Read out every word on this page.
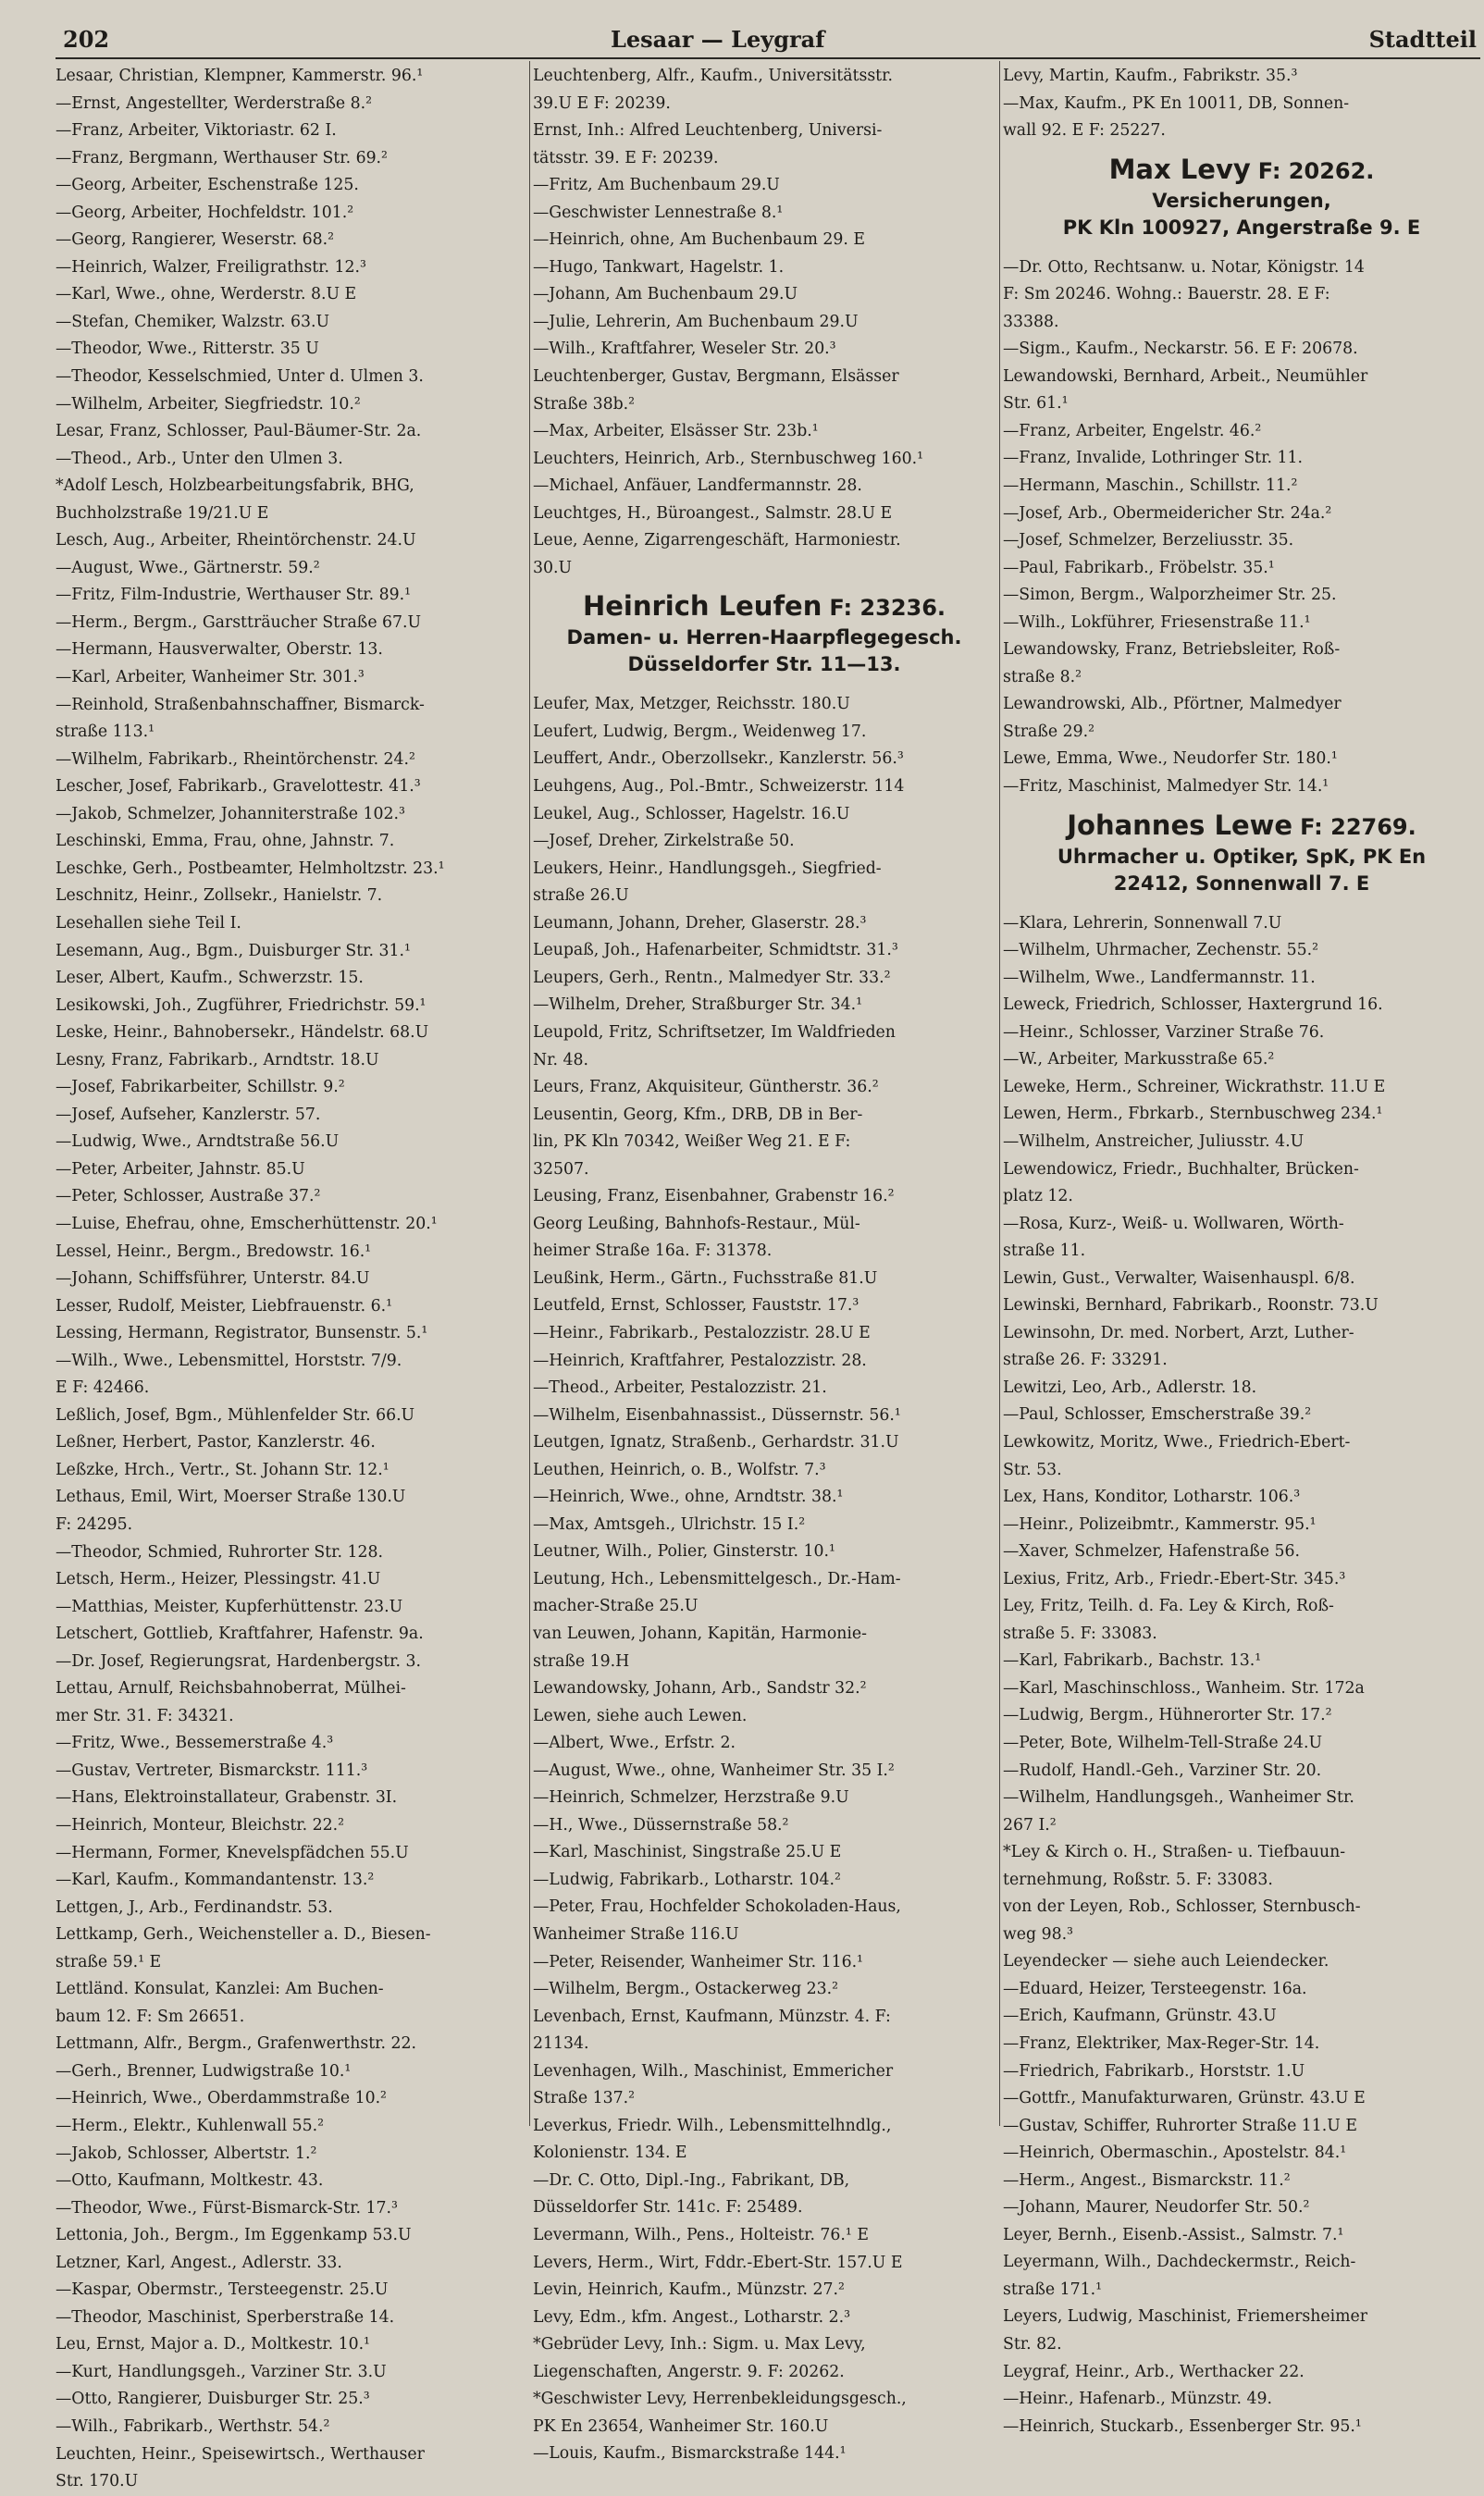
202	Lesaar — Leygraf	Stadtteil
Lesaar, Christian, Klempner, Kammerstr. 96.¹
—Ernst, Angestellter, Werderstraße 8.²
—Franz, Arbeiter, Viktoriastr. 62 I.
—Franz, Bergmann, Werthauser Str. 69.²
—Georg, Arbeiter, Eschenstraße 125.
—Georg, Arbeiter, Hochfeldstr. 101.²
—Georg, Rangierer, Weserstr. 68.²
—Heinrich, Walzer, Freiligrathstr. 12.³
—Karl, Wwe., ohne, Werderstr. 8.U E
—Stefan, Chemiker, Walzstr. 63.U
—Theodor, Wwe., Ritterstr. 35 U
—Theodor, Kesselschmied, Unter d. Ulmen 3.
—Wilhelm, Arbeiter, Siegfriedstr. 10.²
Lesar, Franz, Schlosser, Paul-Bäumer-Str. 2a.
—Theod., Arb., Unter den Ulmen 3.
*Adolf Lesch, Holzbearbeitungsfabrik, BHG,
Buchholzstraße 19/21.U E
Lesch, Aug., Arbeiter, Rheintörchenstr. 24.U
—August, Wwe., Gärtnerstr. 59.²
—Fritz, Film-Industrie, Werthauser Str. 89.¹
—Herm., Bergm., Garstträucher Straße 67.U
—Hermann, Hausverwalter, Oberstr. 13.
—Karl, Arbeiter, Wanheimer Str. 301.³
—Reinhold, Straßenbahnschaffner, Bismarck-
straße 113.¹
—Wilhelm, Fabrikarb., Rheintörchenstr. 24.²
Lescher, Josef, Fabrikarb., Gravelottestr. 41.³
—Jakob, Schmelzer, Johanniterstraße 102.³
Leschinski, Emma, Frau, ohne, Jahnstr. 7.
Leschke, Gerh., Postbeamter, Helmholtzstr. 23.¹
Leschnitz, Heinr., Zollsekr., Hanielstr. 7.
Lesehallen siehe Teil I.
Lesemann, Aug., Bgm., Duisburger Str. 31.¹
Leser, Albert, Kaufm., Schwerzstr. 15.
Lesikowski, Joh., Zugführer, Friedrichstr. 59.¹
Leske, Heinr., Bahnobersekr., Händelstr. 68.U
Lesny, Franz, Fabrikarb., Arndtstr. 18.U
—Josef, Fabrikarbeiter, Schillstr. 9.²
—Josef, Aufseher, Kanzlerstr. 57.
—Ludwig, Wwe., Arndtstraße 56.U
—Peter, Arbeiter, Jahnstr. 85.U
—Peter, Schlosser, Austraße 37.²
—Luise, Ehefrau, ohne, Emscherhüttenstr. 20.¹
Lessel, Heinr., Bergm., Bredowstr. 16.¹
—Johann, Schiffsführer, Unterstr. 84.U
Lesser, Rudolf, Meister, Liebfrauenstr. 6.¹
Lessing, Hermann, Registrator, Bunsenstr. 5.¹
—Wilh., Wwe., Lebensmittel, Horststr. 7/9.
E F: 42466.
Leßlich, Josef, Bgm., Mühlenfelder Str. 66.U
Leßner, Herbert, Pastor, Kanzlerstr. 46.
Leßzke, Hrch., Vertr., St. Johann Str. 12.¹
Lethaus, Emil, Wirt, Moerser Straße 130.U
F: 24295.
—Theodor, Schmied, Ruhrorter Str. 128.
Letsch, Herm., Heizer, Plessingstr. 41.U
—Matthias, Meister, Kupferhüttenstr. 23.U
Letschert, Gottlieb, Kraftfahrer, Hafenstr. 9a.
—Dr. Josef, Regierungsrat, Hardenbergstr. 3.
Lettau, Arnulf, Reichsbahnoberrat, Mülhei-
mer Str. 31. F: 34321.
—Fritz, Wwe., Bessemerstraße 4.³
—Gustav, Vertreter, Bismarckstr. 111.³
—Hans, Elektroinstallateur, Grabenstr. 3I.
—Heinrich, Monteur, Bleichstr. 22.²
—Hermann, Former, Knevelspfädchen 55.U
—Karl, Kaufm., Kommandantenstr. 13.²
Lettgen, J., Arb., Ferdinandstr. 53.
Lettkamp, Gerh., Weichensteller a. D., Biesen-
straße 59.¹ E
Lettländ. Konsulat, Kanzlei: Am Buchen-
baum 12. F: Sm 26651.
Lettmann, Alfr., Bergm., Grafenwerthstr. 22.
—Gerh., Brenner, Ludwigstraße 10.¹
—Heinrich, Wwe., Oberdammstraße 10.²
—Herm., Elektr., Kuhlenwall 55.²
—Jakob, Schlosser, Albertstr. 1.²
—Otto, Kaufmann, Moltkestr. 43.
—Theodor, Wwe., Fürst-Bismarck-Str. 17.³
Lettonia, Joh., Bergm., Im Eggenkamp 53.U
Letzner, Karl, Angest., Adlerstr. 33.
—Kaspar, Obermstr., Tersteegenstr. 25.U
—Theodor, Maschinist, Sperberstraße 14.
Leu, Ernst, Major a. D., Moltkestr. 10.¹
—Kurt, Handlungsgeh., Varziner Str. 3.U
—Otto, Rangierer, Duisburger Str. 25.³
—Wilh., Fabrikarb., Werthstr. 54.²
Leuchten, Heinr., Speisewirtsch., Werthauser
Str. 170.U
Leuchtenberg, Alfr., Kaufm., Universitätsstr.
39.U E F: 20239.
Ernst, Inh.: Alfred Leuchtenberg, Universi-
tätsstr. 39. E F: 20239.
—Fritz, Am Buchenbaum 29.U
—Geschwister Lennestraße 8.¹
—Heinrich, ohne, Am Buchenbaum 29. E
—Hugo, Tankwart, Hagelstr. 1.
—Johann, Am Buchenbaum 29.U
—Julie, Lehrerin, Am Buchenbaum 29.U
—Wilh., Kraftfahrer, Weseler Str. 20.³
Leuchtenberger, Gustav, Bergmann, Elsässer
Straße 38b.²
—Max, Arbeiter, Elsässer Str. 23b.¹
Leuchters, Heinrich, Arb., Sternbuschweg 160.¹
—Michael, Anfäuer, Landfermannstr. 28.
Leuchtges, H., Büroangest., Salmstr. 28.U E
Leue, Aenne, Zigarrengeschäft, Harmoniestr.
30.U
Heinrich Leufen F: 23236.
Damen- u. Herren-Haarpflegegesch.
Düsseldorfer Str. 11—13.
Leufer, Max, Metzger, Reichsstr. 180.U
Leufert, Ludwig, Bergm., Weidenweg 17.
Leuffert, Andr., Oberzollsekr., Kanzlerstr. 56.³
Leuhgens, Aug., Pol.-Bmtr., Schweizerstr. 114
Leukel, Aug., Schlosser, Hagelstr. 16.U
—Josef, Dreher, Zirkelstraße 50.
Leukers, Heinr., Handlungsgeh., Siegfried-
straße 26.U
Leumann, Johann, Dreher, Glaserstr. 28.³
Leupaß, Joh., Hafenarbeiter, Schmidtstr. 31.³
Leupers, Gerh., Rentn., Malmedyer Str. 33.²
—Wilhelm, Dreher, Straßburger Str. 34.¹
Leupold, Fritz, Schriftsetzer, Im Waldfrieden
Nr. 48.
Leurs, Franz, Akquisiteur, Güntherstr. 36.²
Leusentin, Georg, Kfm., DRB, DB in Ber-
lin, PK Kln 70342, Weißer Weg 21. E F:
32507.
Leusing, Franz, Eisenbahner, Grabenstr 16.²
Georg Leußing, Bahnhofs-Restaur., Mül-
heimer Straße 16a. F: 31378.
Leußink, Herm., Gärtn., Fuchsstraße 81.U
Leutfeld, Ernst, Schlosser, Fauststr. 17.³
—Heinr., Fabrikarb., Pestalozzistr. 28.U E
—Heinrich, Kraftfahrer, Pestalozzistr. 28.
—Theod., Arbeiter, Pestalozzistr. 21.
—Wilhelm, Eisenbahnassist., Düssernstr. 56.¹
Leutgen, Ignatz, Straßenb., Gerhardstr. 31.U
Leuthen, Heinrich, o. B., Wolfstr. 7.³
—Heinrich, Wwe., ohne, Arndtstr. 38.¹
—Max, Amtsgeh., Ulrichstr. 15 I.²
Leutner, Wilh., Polier, Ginsterstr. 10.¹
Leutung, Hch., Lebensmittelgesch., Dr.-Ham-
macher-Straße 25.U
van Leuwen, Johann, Kapitän, Harmonie-
straße 19.H
Lewandowsky, Johann, Arb., Sandstr 32.²
Lewen, siehe auch Lewen.
—Albert, Wwe., Erfstr. 2.
—August, Wwe., ohne, Wanheimer Str. 35 I.²
—Heinrich, Schmelzer, Herzstraße 9.U
—H., Wwe., Düssernstraße 58.²
—Karl, Maschinist, Singstraße 25.U E
—Ludwig, Fabrikarb., Lotharstr. 104.²
—Peter, Frau, Hochfelder Schokoladen-Haus,
Wanheimer Straße 116.U
—Peter, Reisender, Wanheimer Str. 116.¹
—Wilhelm, Bergm., Ostackerweg 23.²
Levenbach, Ernst, Kaufmann, Münzstr. 4. F:
21134.
Levenhagen, Wilh., Maschinist, Emmericher
Straße 137.²
Leverkus, Friedr. Wilh., Lebensmittelhndlg.,
Kolonienstr. 134. E
—Dr. C. Otto, Dipl.-Ing., Fabrikant, DB,
Düsseldorfer Str. 141c. F: 25489.
Levermann, Wilh., Pens., Holteistr. 76.¹ E
Levers, Herm., Wirt, Fddr.-Ebert-Str. 157.U E
Levin, Heinrich, Kaufm., Münzstr. 27.²
Levy, Edm., kfm. Angest., Lotharstr. 2.³
*Gebrüder Levy, Inh.: Sigm. u. Max Levy,
Liegenschaften, Angerstr. 9. F: 20262.
*Geschwister Levy, Herrenbekleidungsgesch.,
PK En 23654, Wanheimer Str. 160.U
—Louis, Kaufm., Bismarckstraße 144.¹
Levy, Martin, Kaufm., Fabrikstr. 35.³
—Max, Kaufm., PK En 10011, DB, Sonnen-
wall 92. E F: 25227.
Max Levy F: 20262.
Versicherungen,
PK Kln 100927, Angerstraße 9. E
—Dr. Otto, Rechtsanw. u. Notar, Königstr. 14
F: Sm 20246. Wohng.: Bauerstr. 28. E F:
33388.
—Sigm., Kaufm., Neckarstr. 56. E F: 20678.
Lewandowski, Bernhard, Arbeit., Neumühler
Str. 61.¹
—Franz, Arbeiter, Engelstr. 46.²
—Franz, Invalide, Lothringer Str. 11.
—Hermann, Maschin., Schillstr. 11.²
—Josef, Arb., Obermeidericher Str. 24a.²
—Josef, Schmelzer, Berzeliusstr. 35.
—Paul, Fabrikarb., Fröbelstr. 35.¹
—Simon, Bergm., Walporzheimer Str. 25.
—Wilh., Lokführer, Friesenstraße 11.¹
Lewandowsky, Franz, Betriebsleiter, Roß-
straße 8.²
Lewandrowski, Alb., Pförtner, Malmedyer
Straße 29.²
Lewe, Emma, Wwe., Neudorfer Str. 180.¹
—Fritz, Maschinist, Malmedyer Str. 14.¹
Johannes Lewe F: 22769.
Uhrmacher u. Optiker, SpK, PK En
22412, Sonnenwall 7. E
—Klara, Lehrerin, Sonnenwall 7.U
—Wilhelm, Uhrmacher, Zechenstr. 55.²
—Wilhelm, Wwe., Landfermannstr. 11.
Leweck, Friedrich, Schlosser, Haxtergrund 16.
—Heinr., Schlosser, Varziner Straße 76.
—W., Arbeiter, Markusstraße 65.²
Leweke, Herm., Schreiner, Wickrathstr. 11.U E
Lewen, Herm., Fbrkarb., Sternbuschweg 234.¹
—Wilhelm, Anstreicher, Juliusstr. 4.U
Lewendowicz, Friedr., Buchhalter, Brücken-
platz 12.
—Rosa, Kurz-, Weiß- u. Wollwaren, Wörth-
straße 11.
Lewin, Gust., Verwalter, Waisenhauspl. 6/8.
Lewinski, Bernhard, Fabrikarb., Roonstr. 73.U
Lewinsohn, Dr. med. Norbert, Arzt, Luther-
straße 26. F: 33291.
Lewitzi, Leo, Arb., Adlerstr. 18.
—Paul, Schlosser, Emscherstraße 39.²
Lewkowitz, Moritz, Wwe., Friedrich-Ebert-
Str. 53.
Lex, Hans, Konditor, Lotharstr. 106.³
—Heinr., Polizeibmtr., Kammerstr. 95.¹
—Xaver, Schmelzer, Hafenstraße 56.
Lexius, Fritz, Arb., Friedr.-Ebert-Str. 345.³
Ley, Fritz, Teilh. d. Fa. Ley & Kirch, Roß-
straße 5. F: 33083.
—Karl, Fabrikarb., Bachstr. 13.¹
—Karl, Maschinschloss., Wanheim. Str. 172a
—Ludwig, Bergm., Hühnerorter Str. 17.²
—Peter, Bote, Wilhelm-Tell-Straße 24.U
—Rudolf, Handl.-Geh., Varziner Str. 20.
—Wilhelm, Handlungsgeh., Wanheimer Str.
267 I.²
*Ley & Kirch o. H., Straßen- u. Tiefbauun-
ternehmung, Roßstr. 5. F: 33083.
von der Leyen, Rob., Schlosser, Sternbusch-
weg 98.³
Leyendecker — siehe auch Leiendecker.
—Eduard, Heizer, Tersteegenstr. 16a.
—Erich, Kaufmann, Grünstr. 43.U
—Franz, Elektriker, Max-Reger-Str. 14.
—Friedrich, Fabrikarb., Horststr. 1.U
—Gottfr., Manufakturwaren, Grünstr. 43.U E
—Gustav, Schiffer, Ruhrorter Straße 11.U E
—Heinrich, Obermaschin., Apostelstr. 84.¹
—Herm., Angest., Bismarckstr. 11.²
—Johann, Maurer, Neudorfer Str. 50.²
Leyer, Bernh., Eisenb.-Assist., Salmstr. 7.¹
Leyermann, Wilh., Dachdeckermstr., Reich-
straße 171.¹
Leyers, Ludwig, Maschinist, Friemersheimer
Str. 82.
Leygraf, Heinr., Arb., Werthacker 22.
—Heinr., Hafenarb., Münzstr. 49.
—Heinrich, Stuckarb., Essenberger Str. 95.¹
